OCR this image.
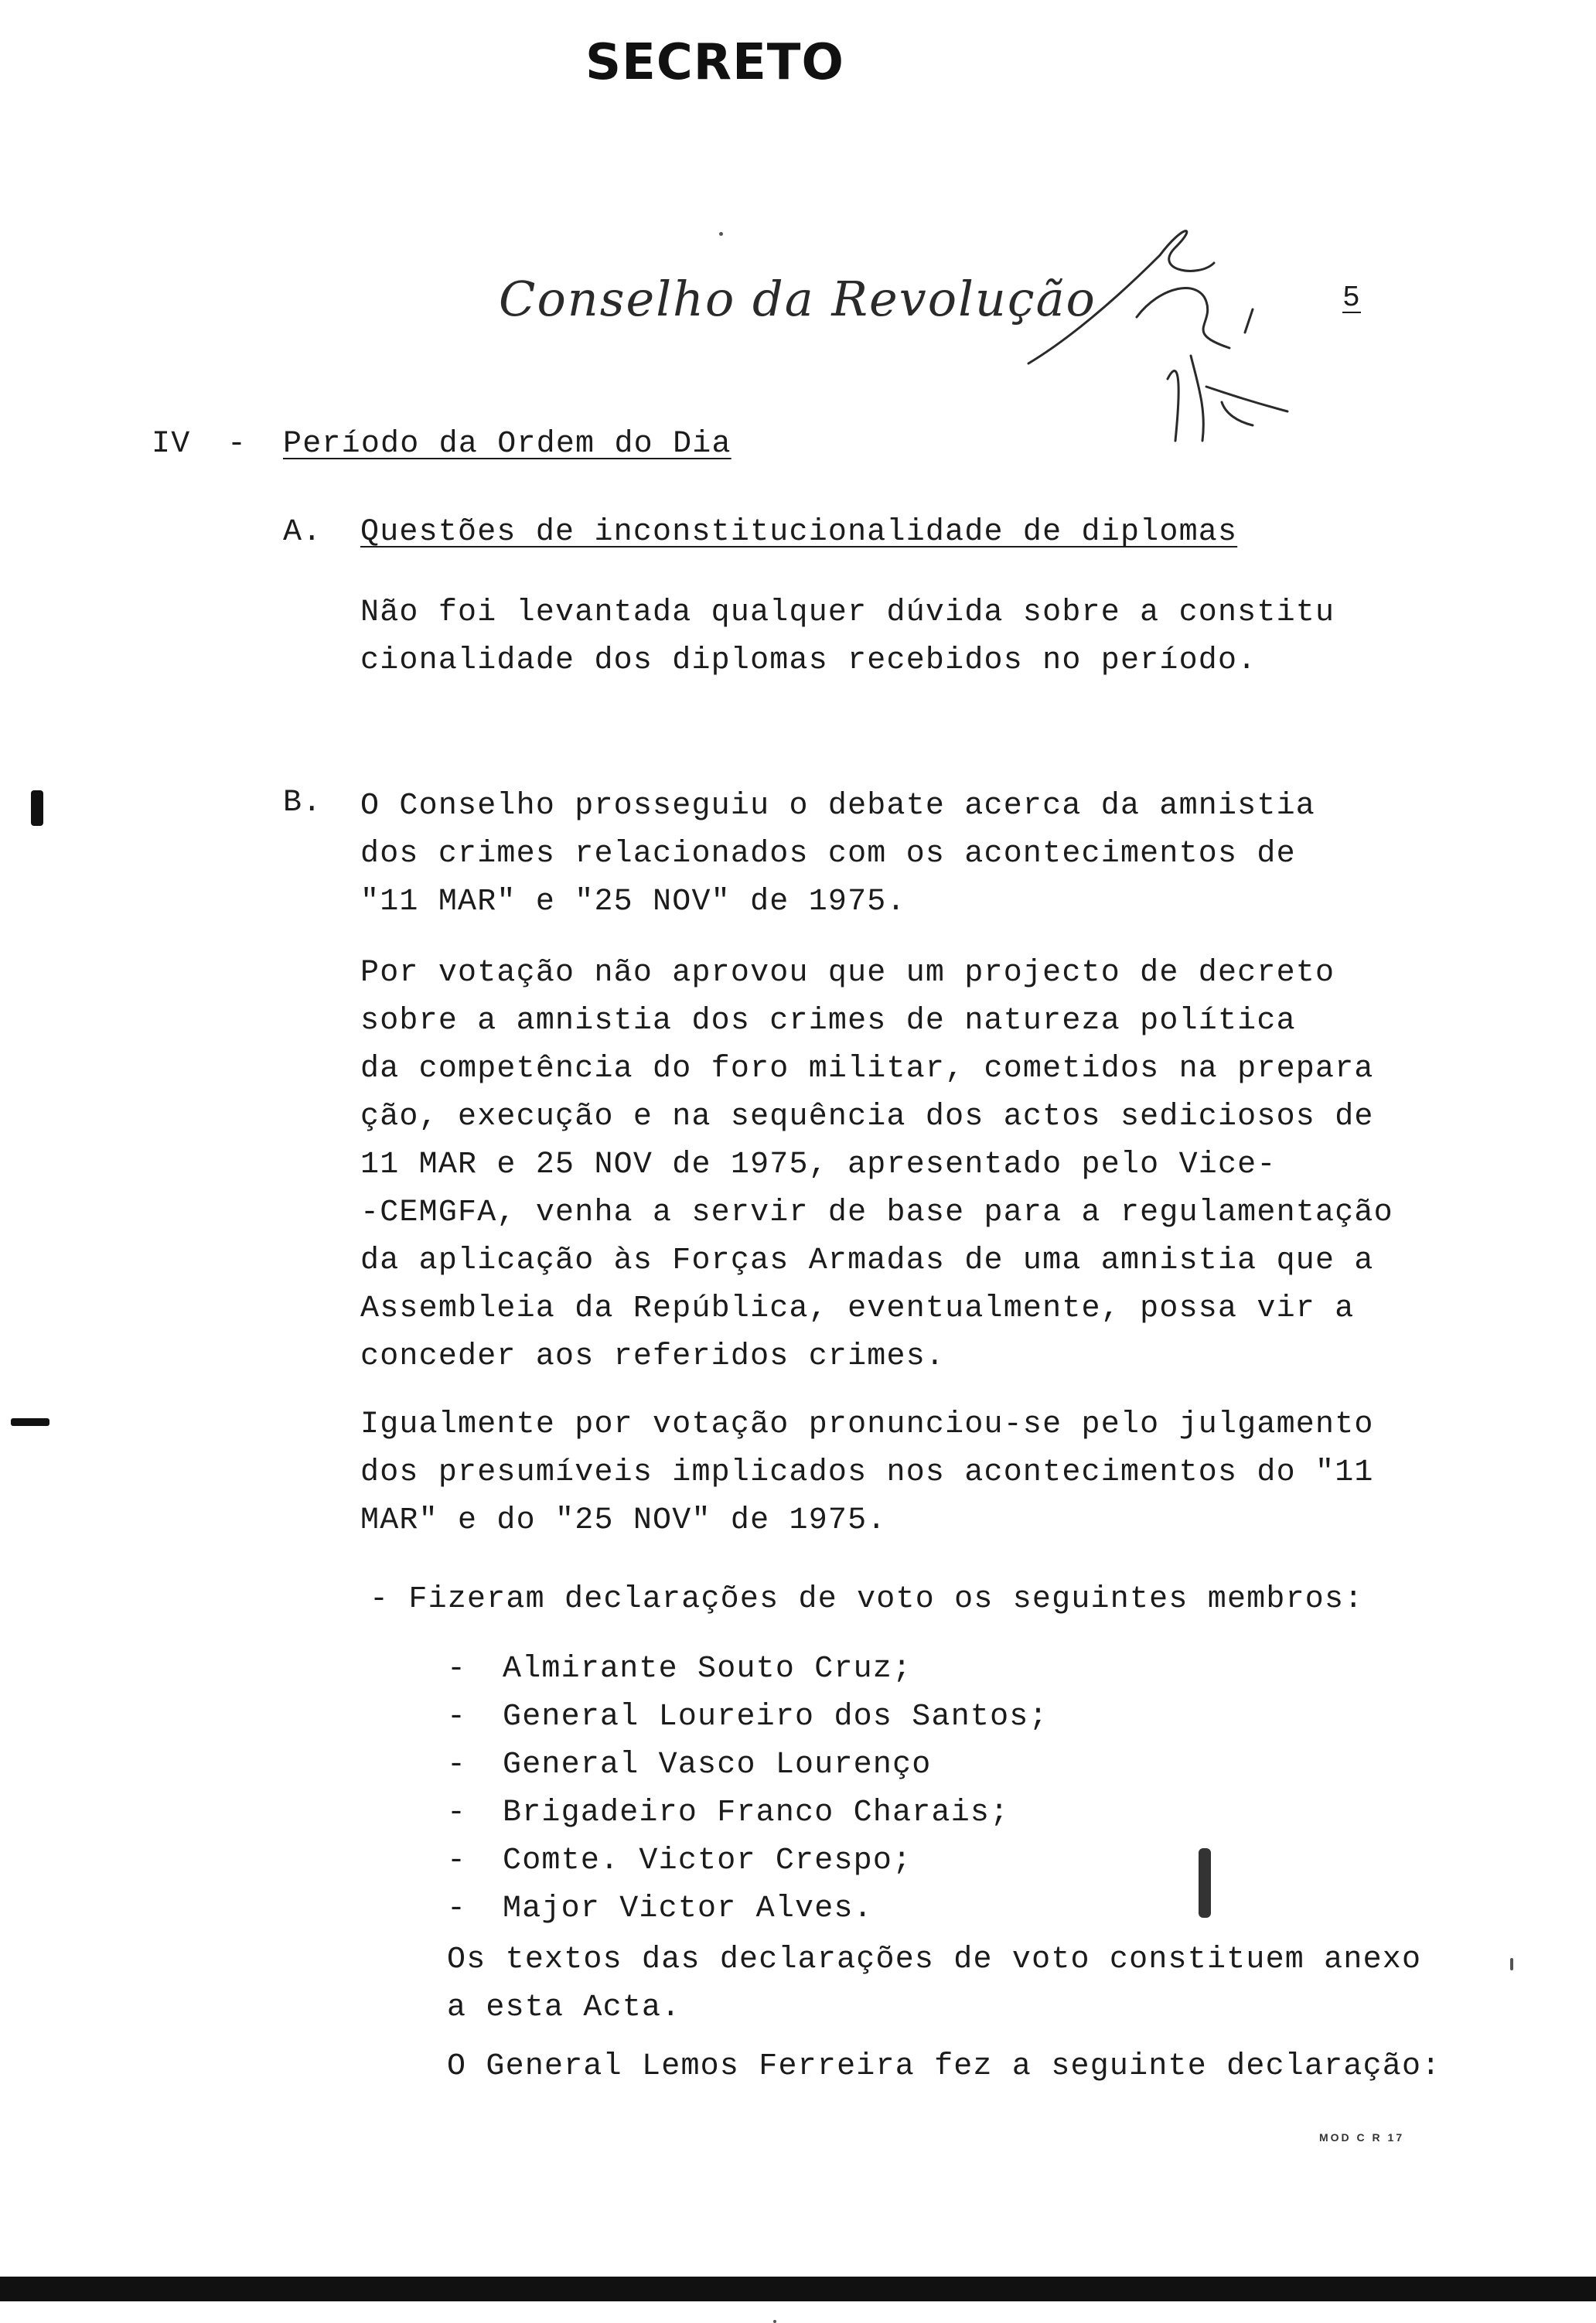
SECRETO
Conselho da Revolução	5
IV - Período da Ordem do Dia
A. Questões de inconstitucionalidade de diplomas
Não foi levantada qualquer dúvida sobre a constitu
cionalidade dos diplomas recebidos no período.
B. O Conselho prosseguiu o debate acerca da amnistia
dos crimes relacionados com os acontecimentos de
"11 MAR" e "25 NOV" de 1975.
Por votação não aprovou que um projecto de decreto
sobre a amnistia dos crimes de natureza política
da competência do foro militar, cometidos na prepara
ção, execução e na sequência dos actos sediciosos de
11 MAR e 25 NOV de 1975, apresentado pelo Vice-
-CEMGFA, venha a servir de base para a regulamentação
da aplicação às Forças Armadas de uma amnistia que a
Assembleia da República, eventualmente, possa vir a
conceder aos referidos crimes.
Igualmente por votação pronunciou-se pelo julgamento
dos presumíveis implicados nos acontecimentos do "11
MAR" e do "25 NOV" de 1975.
- Fizeram declarações de voto os seguintes membros:
- Almirante Souto Cruz;
- General Loureiro dos Santos;
- General Vasco Lourenço
- Brigadeiro Franco Charais;
- Comte. Victor Crespo;
- Major Victor Alves.
Os textos das declarações de voto constituem anexo
a esta Acta.
O General Lemos Ferreira fez a seguinte declaração:
MOD C R 17
